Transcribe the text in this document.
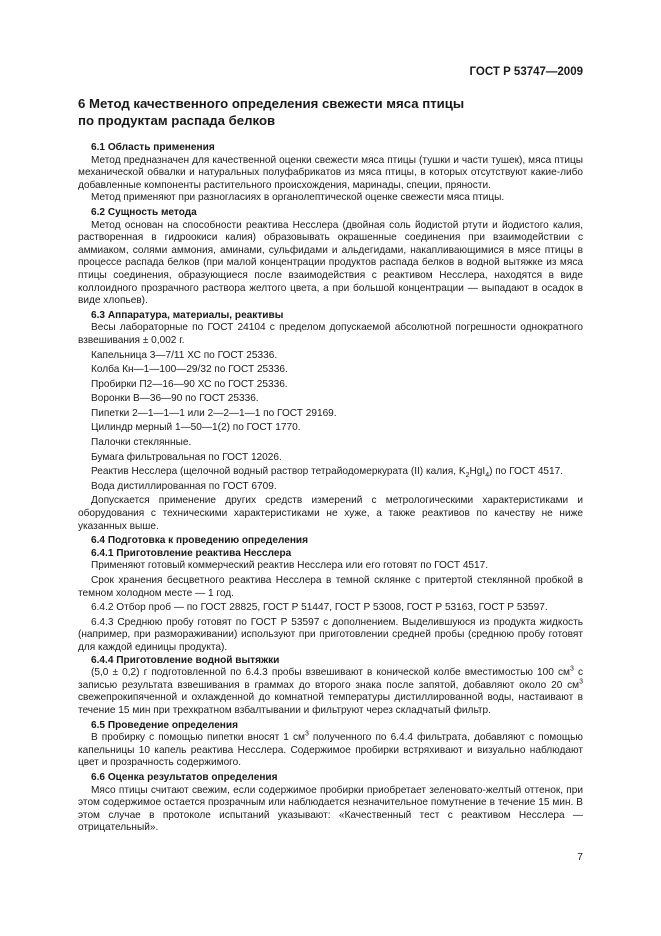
ГОСТ Р 53747—2009
6 Метод качественного определения свежести мяса птицы
по продуктам распада белков
6.1 Область применения

Метод предназначен для качественной оценки свежести мяса птицы (тушки и части тушек), мяса птицы механической обвалки и натуральных полуфабрикатов из мяса птицы, в которых отсутствуют какие-либо добавленные компоненты растительного происхождения, маринады, специи, пряности.

Метод применяют при разногласиях в органолептической оценке свежести мяса птицы.

6.2 Сущность метода

Метод основан на способности реактива Несслера (двойная соль йодистой ртути и йодистого калия, растворенная в гидроокиси калия) образовывать окрашенные соединения при взаимодействии с аммиаком, солями аммония, аминами, сульфидами и альдегидами, накапливающимися в мясе птицы в процессе распада белков (при малой концентрации продуктов распада белков в водной вытяжке из мяса птицы соединения, образующиеся после взаимодействия с реактивом Несслера, находятся в виде коллоидного прозрачного раствора желтого цвета, а при большой концентрации — выпадают в осадок в виде хлопьев).

6.3 Аппаратура, материалы, реактивы

Весы лабораторные по ГОСТ 24104 с пределом допускаемой абсолютной погрешности однократного взвешивания ± 0,002 г.

Капельница 3—7/11 ХС по ГОСТ 25336.

Колба Кн—1—100—29/32 по ГОСТ 25336.

Пробирки П2—16—90 ХС по ГОСТ 25336.

Воронки В—36—90 по ГОСТ 25336.

Пипетки 2—1—1—1 или 2—2—1—1 по ГОСТ 29169.

Цилиндр мерный 1—50—1(2) по ГОСТ 1770.

Палочки стеклянные.

Бумага фильтровальная по ГОСТ 12026.

Реактив Несслера (щелочной водный раствор тетрайодомеркурата (II) калия, $K_2HgI_4$) по ГОСТ 4517.

Вода дистиллированная по ГОСТ 6709.

Допускается применение других средств измерений с метрологическими характеристиками и оборудования с техническими характеристиками не хуже, а также реактивов по качеству не ниже указанных выше.

6.4 Подготовка к проведению определения
6.4.1 Приготовление реактива Несслера

Применяют готовый коммерческий реактив Несслера или его готовят по ГОСТ 4517.

Срок хранения бесцветного реактива Несслера в темной склянке с притертой стеклянной пробкой в темном холодном месте — 1 год.

6.4.2 Отбор проб — по ГОСТ 28825, ГОСТ Р 51447, ГОСТ Р 53008, ГОСТ Р 53163, ГОСТ Р 53597.

6.4.3 Среднюю пробу готовят по ГОСТ Р 53597 с дополнением. Выделившуюся из продукта жидкость (например, при размораживании) используют при приготовлении средней пробы (среднюю пробу готовят для каждой единицы продукта).

6.4.4 Приготовление водной вытяжки

(5,0 ± 0,2) г подготовленной по 6.4.3 пробы взвешивают в конической колбе вместимостью 100 $см^3$ с записью результата взвешивания в граммах до второго знака после запятой, добавляют около 20 $см^3$ свежепрокипяченной и охлажденной до комнатной температуры дистиллированной воды, настаивают в течение 15 мин при трехкратном взбалтывании и фильтруют через складчатый фильтр.

6.5 Проведение определения

В пробирку с помощью пипетки вносят 1 $см^3$ полученного по 6.4.4 фильтрата, добавляют с помощью капельницы 10 капель реактива Несслера. Содержимое пробирки встряхивают и визуально наблюдают цвет и прозрачность содержимого.

6.6 Оценка результатов определения

Мясо птицы считают свежим, если содержимое пробирки приобретает зеленовато-желтый оттенок, при этом содержимое остается прозрачным или наблюдается незначительное помутнение в течение 15 мин. В этом случае в протоколе испытаний указывают: «Качественный тест с реактивом Несслера — отрицательный».

7
